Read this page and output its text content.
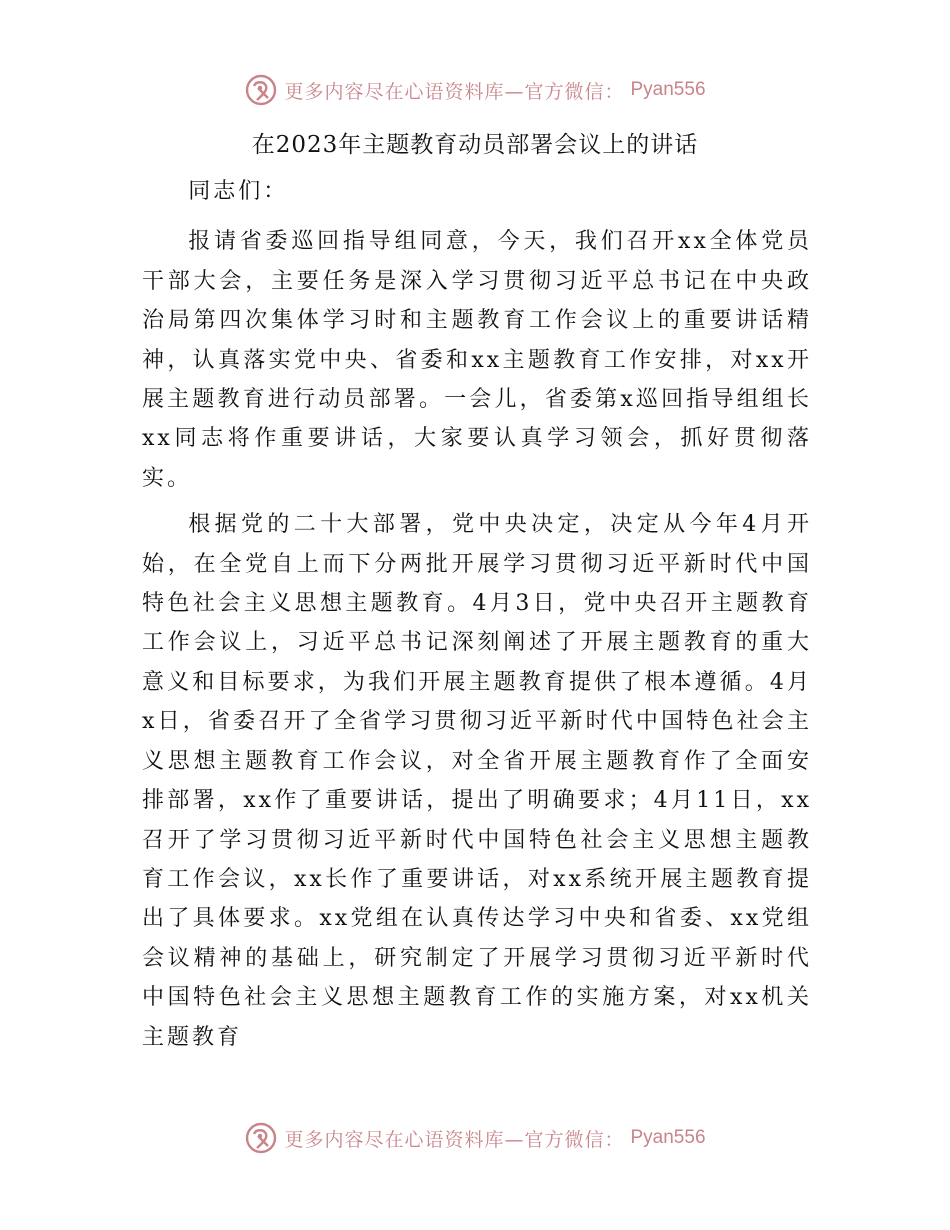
更多内容尽在心语资料库—官方微信： Pyan556
在2023年主题教育动员部署会议上的讲话

同志们：

报请省委巡回指导组同意，今天，我们召开xx全体党员干部大会，主要任务是深入学习贯彻习近平总书记在中央政治局第四次集体学习时和主题教育工作会议上的重要讲话精神，认真落实党中央、省委和xx主题教育工作安排，对xx开展主题教育进行动员部署。一会儿，省委第x巡回指导组组长xx同志将作重要讲话，大家要认真学习领会，抓好贯彻落实。

根据党的二十大部署，党中央决定，决定从今年4月开始，在全党自上而下分两批开展学习贯彻习近平新时代中国特色社会主义思想主题教育。4月3日，党中央召开主题教育工作会议上，习近平总书记深刻阐述了开展主题教育的重大意义和目标要求，为我们开展主题教育提供了根本遵循。4月x日，省委召开了全省学习贯彻习近平新时代中国特色社会主义思想主题教育工作会议，对全省开展主题教育作了全面安排部署，xx作了重要讲话，提出了明确要求；4月11日，xx召开了学习贯彻习近平新时代中国特色社会主义思想主题教育工作会议，xx长作了重要讲话，对xx系统开展主题教育提出了具体要求。xx党组在认真传达学习中央和省委、xx党组会议精神的基础上，研究制定了开展学习贯彻习近平新时代中国特色社会主义思想主题教育工作的实施方案，对xx机关主题教育

更多内容尽在心语资料库—官方微信： Pyan556
